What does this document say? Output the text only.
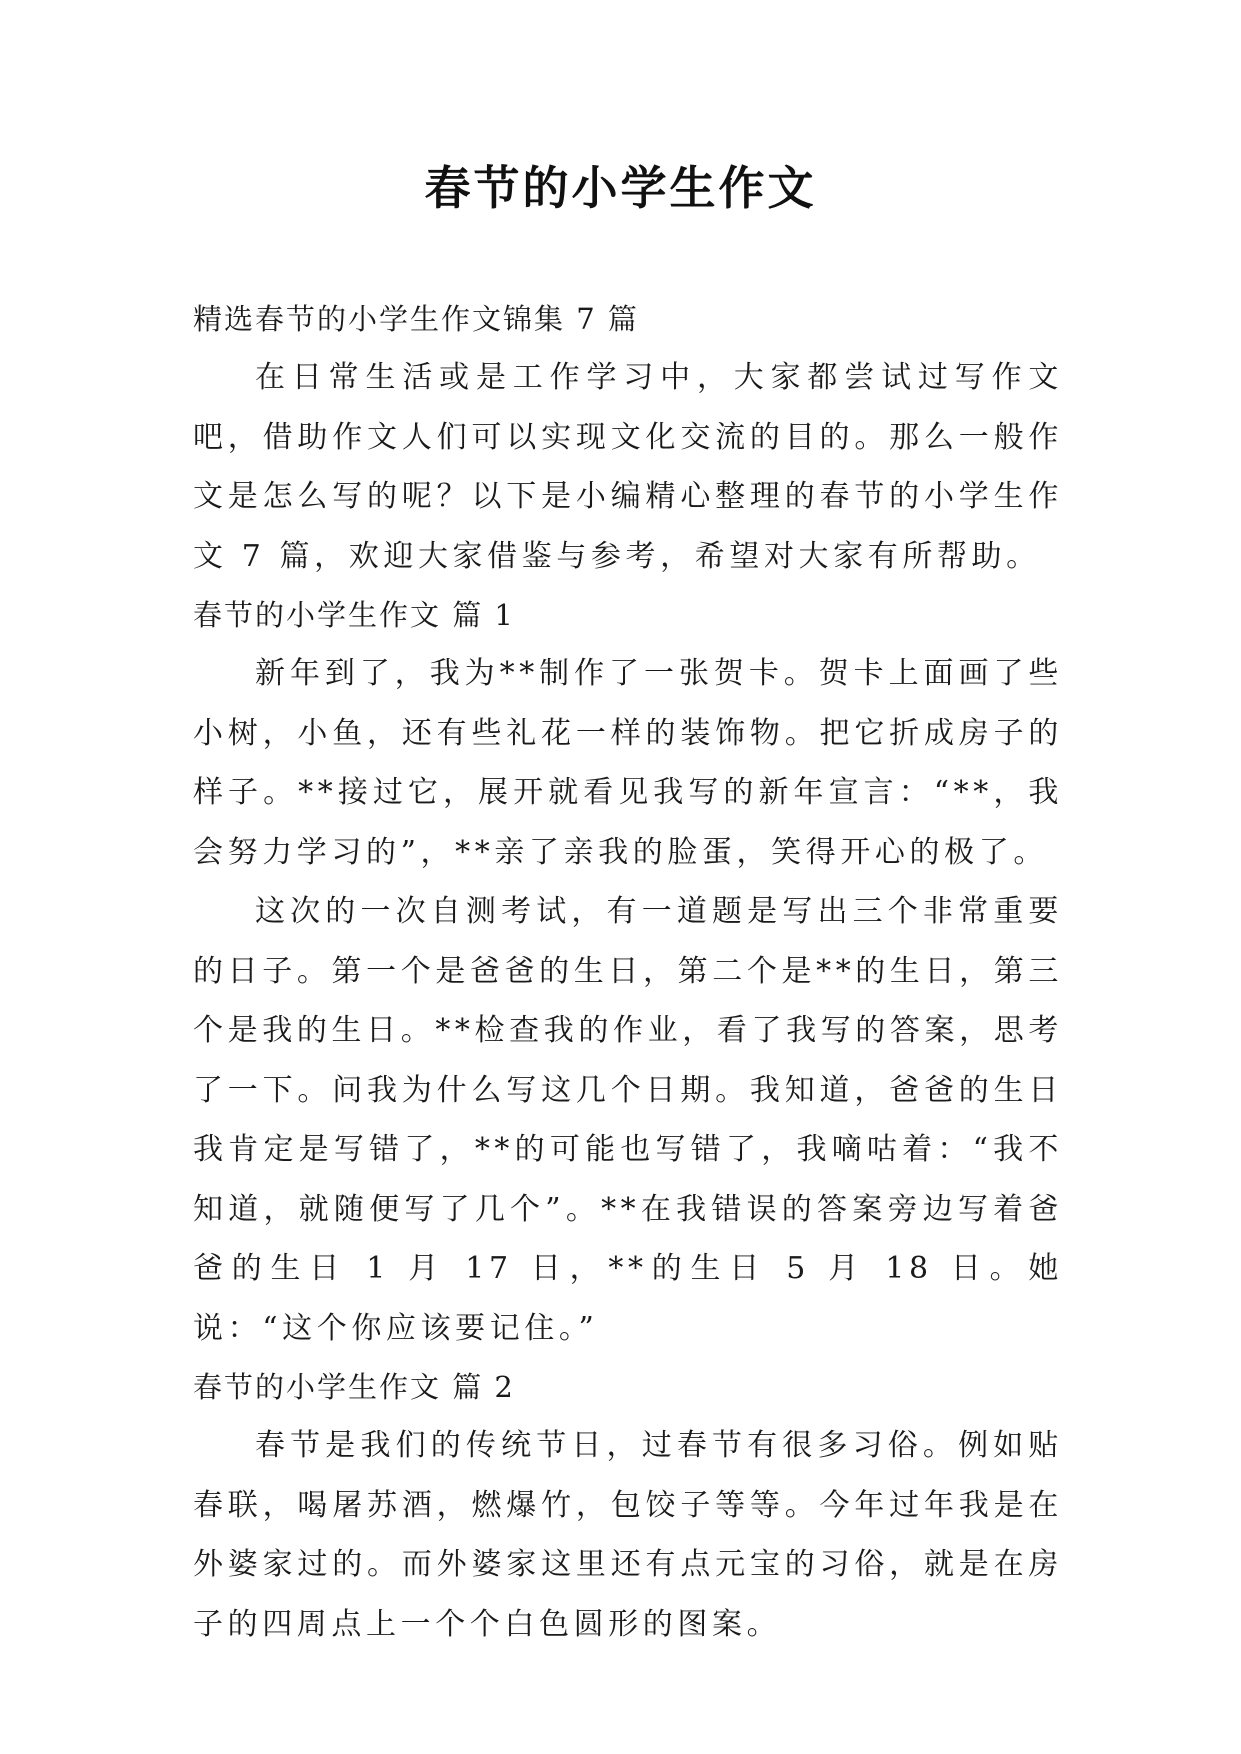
春节的小学生作文

精选春节的小学生作文锦集 7 篇

在日常生活或是工作学习中，大家都尝试过写作文吧，借助作文人们可以实现文化交流的目的。那么一般作文是怎么写的呢？以下是小编精心整理的春节的小学生作文 7 篇，欢迎大家借鉴与参考，希望对大家有所帮助。

春节的小学生作文 篇 1

新年到了，我为**制作了一张贺卡。贺卡上面画了些小树，小鱼，还有些礼花一样的装饰物。把它折成房子的样子。**接过它，展开就看见我写的新年宣言：“**，我会努力学习的”，**亲了亲我的脸蛋，笑得开心的极了。

这次的一次自测考试，有一道题是写出三个非常重要的日子。第一个是爸爸的生日，第二个是**的生日，第三个是我的生日。**检查我的作业，看了我写的答案，思考了一下。问我为什么写这几个日期。我知道，爸爸的生日我肯定是写错了，**的可能也写错了，我嘀咕着：“我不知道，就随便写了几个”。**在我错误的答案旁边写着爸爸的生日 1 月 17 日，**的生日 5 月 18 日。她说：“这个你应该要记住。”

春节的小学生作文 篇 2

春节是我们的传统节日，过春节有很多习俗。例如贴春联，喝屠苏酒，燃爆竹，包饺子等等。今年过年我是在外婆家过的。而外婆家这里还有点元宝的习俗，就是在房子的四周点上一个个白色圆形的图案。
